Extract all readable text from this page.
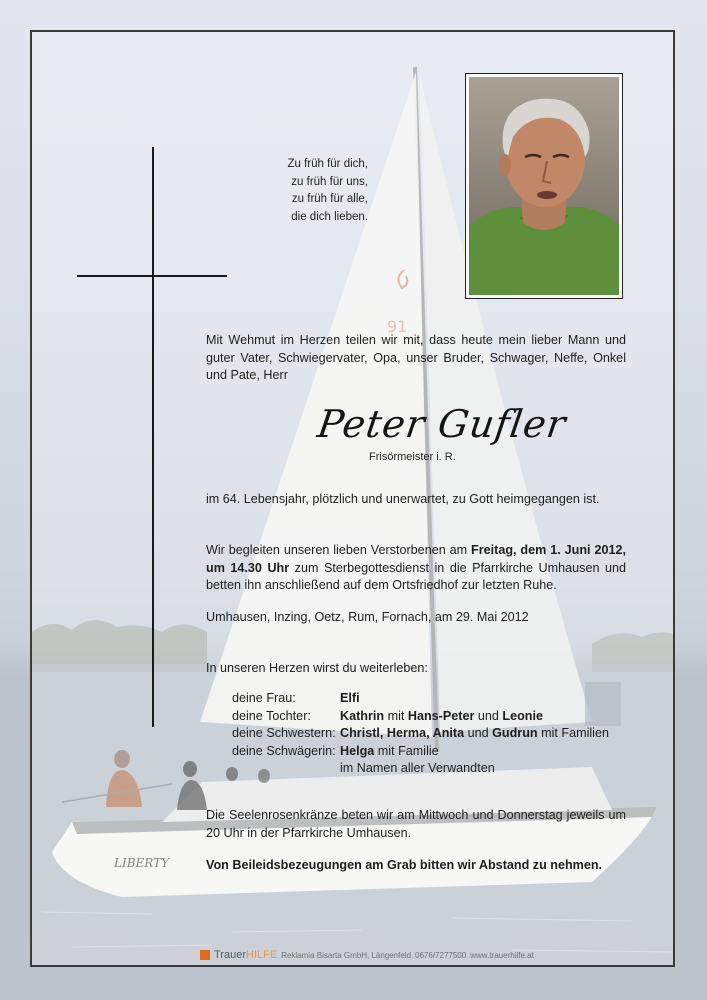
91
LIBERTY
Zu früh für dich,
zu früh für uns,
zu früh für alle,
die dich lieben.
Mit Wehmut im Herzen teilen wir mit, dass heute mein lieber Mann und guter Vater, Schwiegervater, Opa, unser Bruder, Schwager, Neffe, Onkel und Pate, Herr
Peter Gufler
Frisörmeister i. R.
im 64. Lebensjahr, plötzlich und unerwartet, zu Gott heimgegangen ist.
Wir begleiten unseren lieben Verstorbenen am Freitag, dem 1. Juni 2012, um 14.30 Uhr zum Sterbegottesdienst in die Pfarrkirche Umhausen und betten ihn anschließend auf dem Ortsfriedhof zur letzten Ruhe.
Umhausen, Inzing, Oetz, Rum, Fornach, am 29. Mai 2012
In unseren Herzen wirst du weiterleben:
deine Frau:	Elfi
deine Tochter: Kathrin mit Hans-Peter und Leonie
deine Schwestern: Christl, Herma, Anita und Gudrun mit Familien
deine Schwägerin: Helga mit Familie
im Namen aller Verwandten
Die Seelenrosenkränze beten wir am Mittwoch und Donnerstag jeweils um 20 Uhr in der Pfarrkirche Umhausen.
Von Beileidsbezeugungen am Grab bitten wir Abstand zu nehmen.
Trauer HILFE Reklamia Bisarta GmbH, Längenfeld 0676/7277500 www.trauerhilfe.at
